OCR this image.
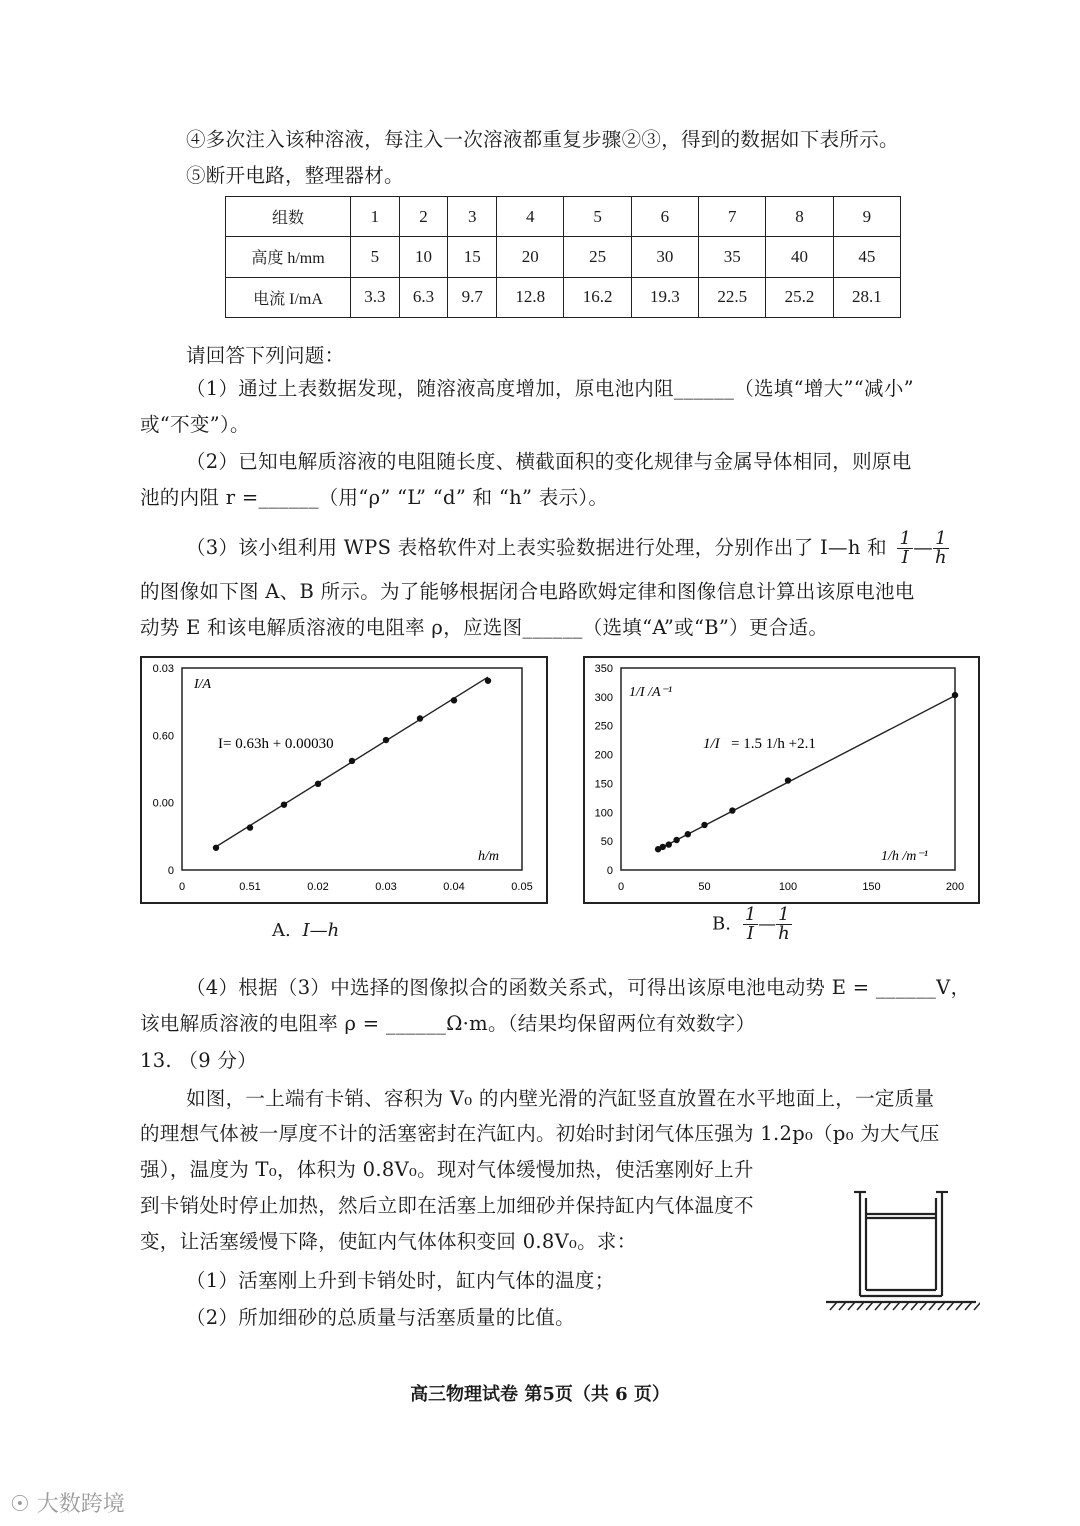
④多次注入该种溶液，每注入一次溶液都重复步骤②③，得到的数据如下表所示。
⑤断开电路，整理器材。
组数	1	2	3	4	5	6	7	8	9
高度 h/mm	5	10	15	20	25	30	35	40	45
电流 I/mA	3.3	6.3	9.7	12.8	16.2	19.3	22.5	25.2	28.1
请回答下列问题：
（1）通过上表数据发现，随溶液高度增加，原电池内阻______（选填“增大”“减小”
或“不变”）。
（2）已知电解质溶液的电阻随长度、横截面积的变化规律与金属导体相同，则原电
池的内阻 r =______（用“ρ” “L” “d” 和 “h” 表示）。
（3）该小组利用 WPS 表格软件对上表实验数据进行处理，分别作出了 I—h 和 $\frac{1}{I}$ — $\frac{1}{h}$
的图像如下图 A、B 所示。为了能够根据闭合电路欧姆定律和图像信息计算出该原电池电
动势 E 和该电解质溶液的电阻率 ρ，应选图______（选填“A”或“B”）更合适。
0.03
0.60
0.00
0
0	0.51	0.02	0.03	0.04	0.05
I/A
h/m
I= 0.63h + 0.00030
350
300
250
200
150
100
50
0
0	50	100	150	200
1/I /A⁻¹
1/h /m⁻¹
1/I = 1.5 1/h +2.1
A. I—h	B. $\frac{1}{I}$ — $\frac{1}{h}$
（4）根据（3）中选择的图像拟合的函数关系式，可得出该原电池电动势 E = ______V，
该电解质溶液的电阻率 ρ = ______Ω·m。（结果均保留两位有效数字）
13. （9 分）
如图，一上端有卡销、容积为 V₀ 的内壁光滑的汽缸竖直放置在水平地面上，一定质量
的理想气体被一厚度不计的活塞密封在汽缸内。初始时封闭气体压强为 1.2p₀（p₀ 为大气压
强），温度为 T₀，体积为 0.8V₀。现对气体缓慢加热，使活塞刚好上升
到卡销处时停止加热，然后立即在活塞上加细砂并保持缸内气体温度不
变，让活塞缓慢下降，使缸内气体体积变回 0.8V₀。求：
（1）活塞刚上升到卡销处时，缸内气体的温度；
（2）所加细砂的总质量与活塞质量的比值。
高三物理试卷 第5页（共 6 页）
☉ 大数跨境
